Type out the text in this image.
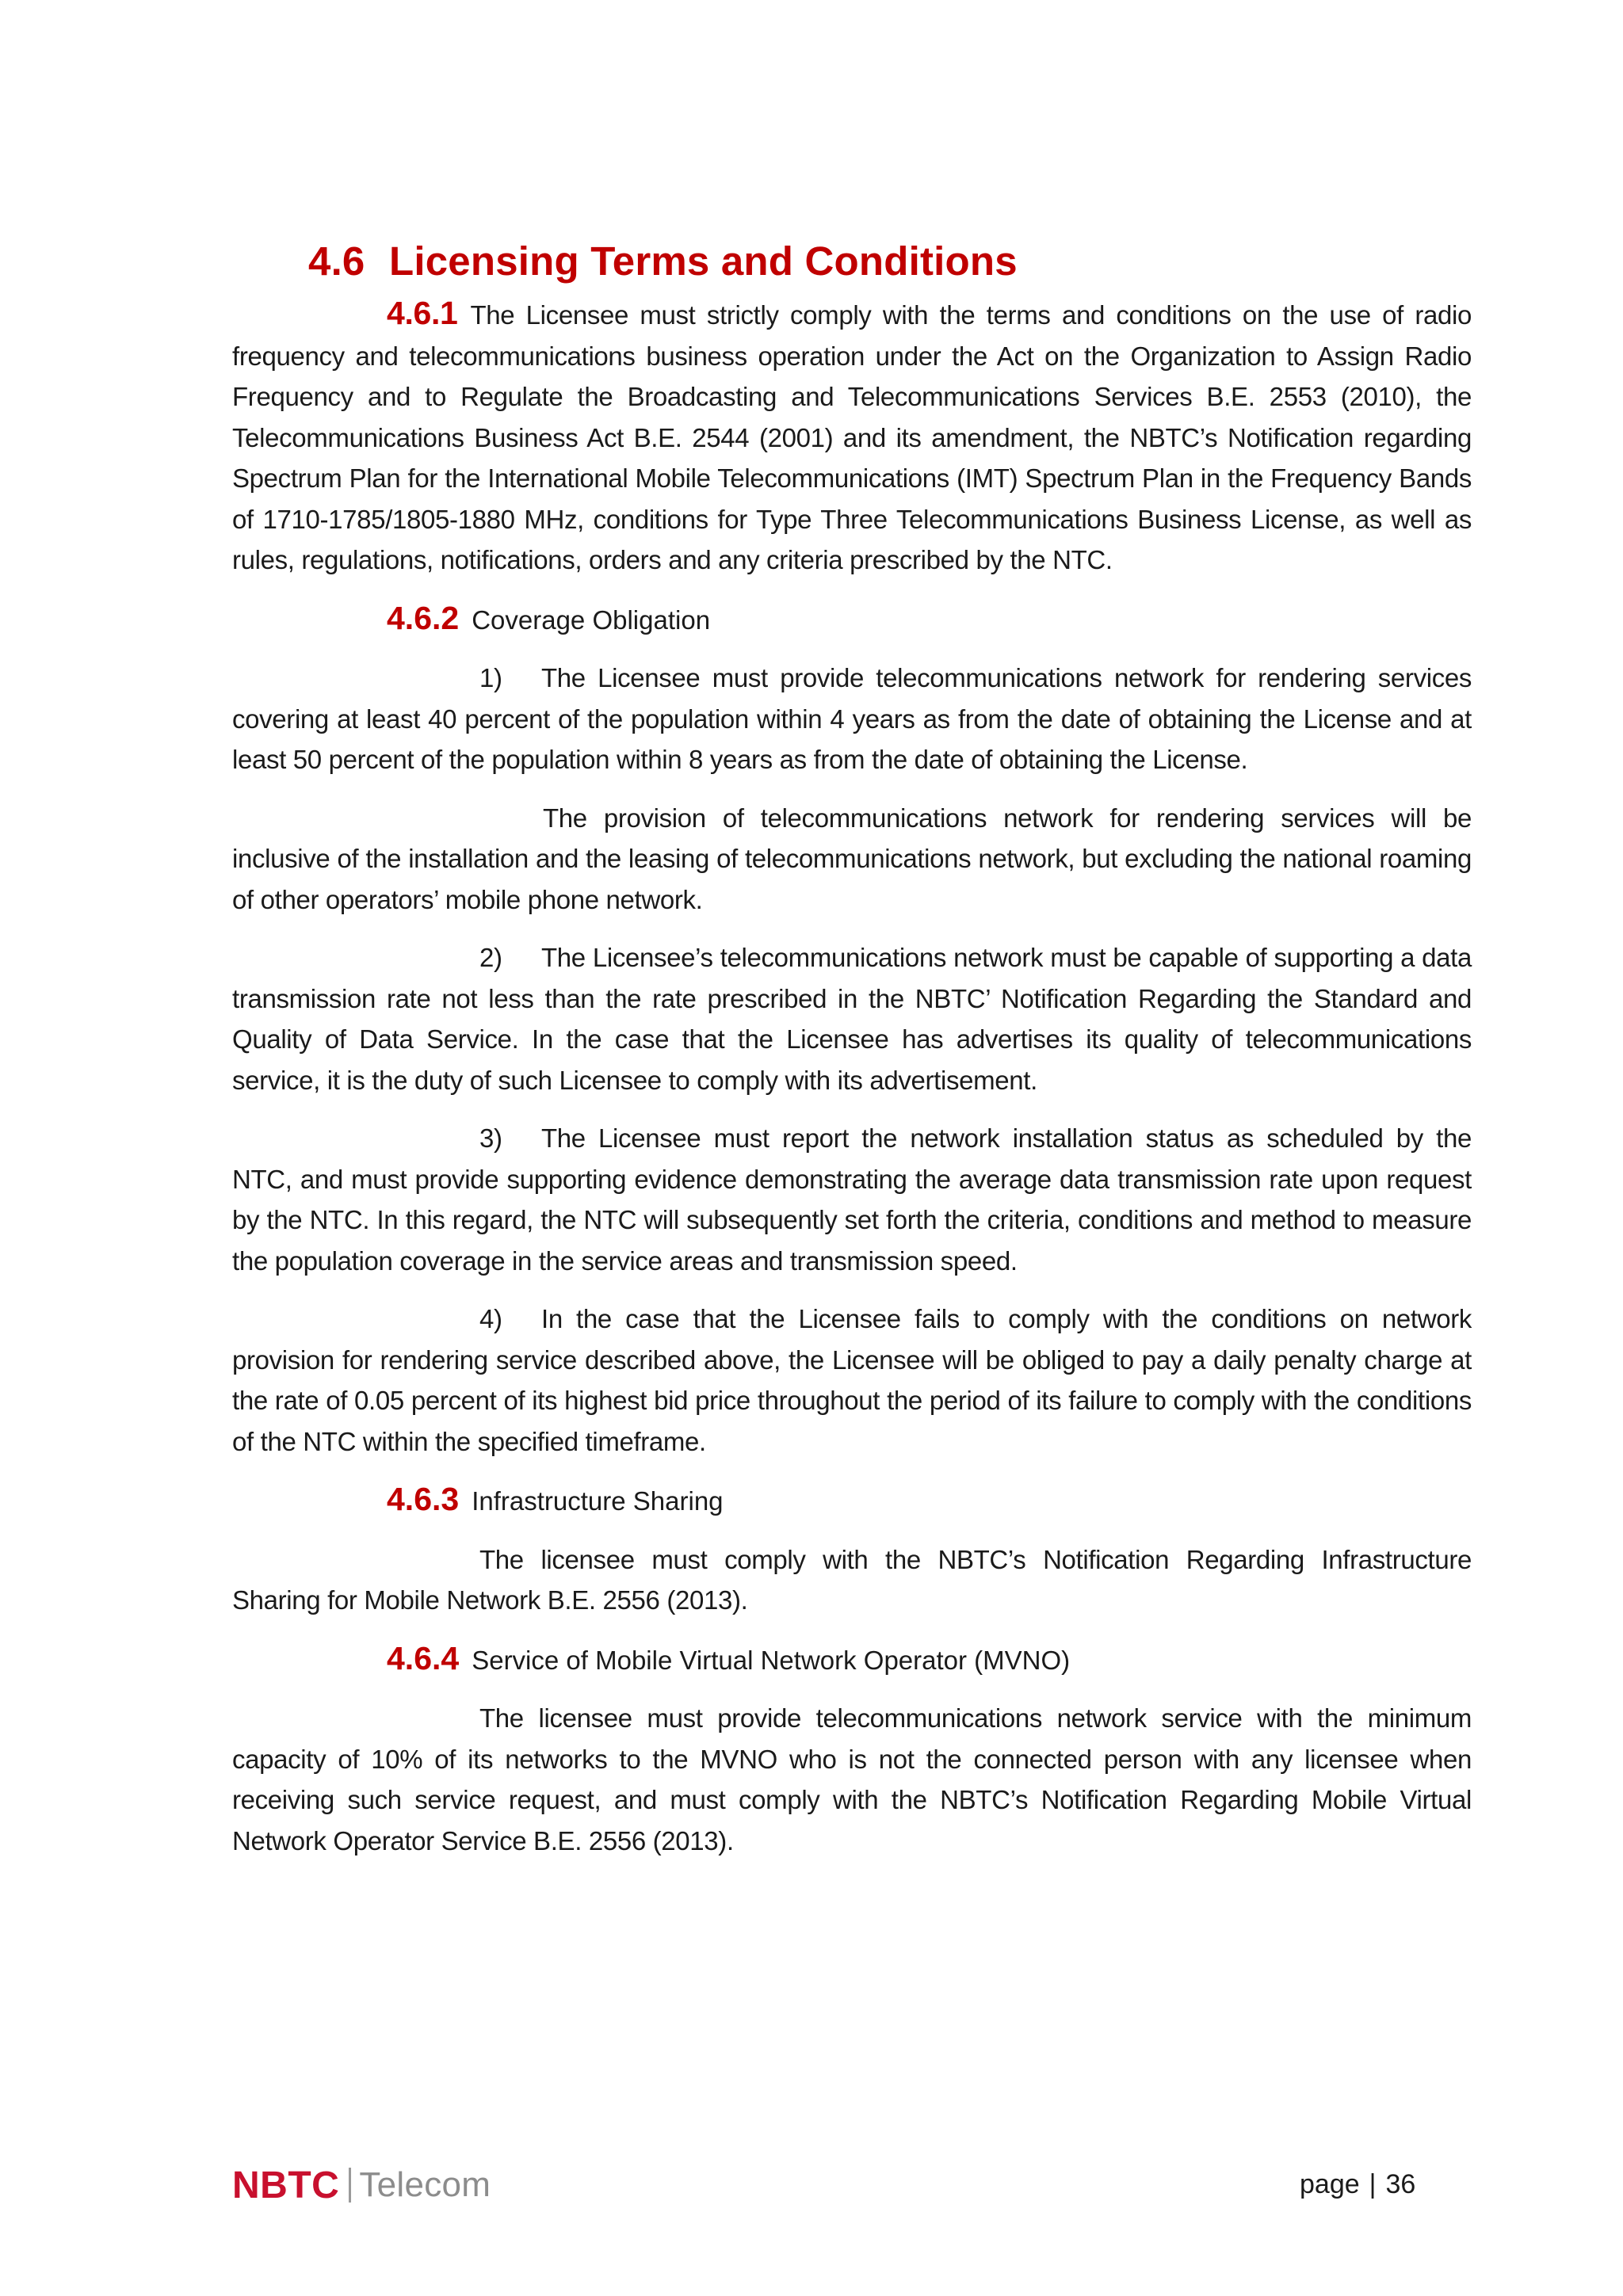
4.6 Licensing Terms and Conditions

4.6.1 The Licensee must strictly comply with the terms and conditions on the use of radio frequency and telecommunications business operation under the Act on the Organization to Assign Radio Frequency and to Regulate the Broadcasting and Telecommunications Services B.E. 2553 (2010), the Telecommunications Business Act B.E. 2544 (2001) and its amendment, the NBTC’s Notification regarding Spectrum Plan for the International Mobile Telecommunications (IMT) Spectrum Plan in the Frequency Bands of 1710-1785/1805-1880 MHz, conditions for Type Three Telecommunications Business License, as well as rules, regulations, notifications, orders and any criteria prescribed by the NTC.

4.6.2 Coverage Obligation

1) The Licensee must provide telecommunications network for rendering services covering at least 40 percent of the population within 4 years as from the date of obtaining the License and at least 50 percent of the population within 8 years as from the date of obtaining the License.

The provision of telecommunications network for rendering services will be inclusive of the installation and the leasing of telecommunications network, but excluding the national roaming of other operators’ mobile phone network.

2) The Licensee’s telecommunications network must be capable of supporting a data transmission rate not less than the rate prescribed in the NBTC’ Notification Regarding the Standard and Quality of Data Service. In the case that the Licensee has advertises its quality of telecommunications service, it is the duty of such Licensee to comply with its advertisement.

3) The Licensee must report the network installation status as scheduled by the NTC, and must provide supporting evidence demonstrating the average data transmission rate upon request by the NTC. In this regard, the NTC will subsequently set forth the criteria, conditions and method to measure the population coverage in the service areas and transmission speed.

4) In the case that the Licensee fails to comply with the conditions on network provision for rendering service described above, the Licensee will be obliged to pay a daily penalty charge at the rate of 0.05 percent of its highest bid price throughout the period of its failure to comply with the conditions of the NTC within the specified timeframe.

4.6.3 Infrastructure Sharing

The licensee must comply with the NBTC’s Notification Regarding Infrastructure Sharing for Mobile Network B.E. 2556 (2013).

4.6.4 Service of Mobile Virtual Network Operator (MVNO)

The licensee must provide telecommunications network service with the minimum capacity of 10% of its networks to the MVNO who is not the connected person with any licensee when receiving such service request, and must comply with the NBTC’s Notification Regarding Mobile Virtual Network Operator Service B.E. 2556 (2013).

NBTC Telecom	page | 36
